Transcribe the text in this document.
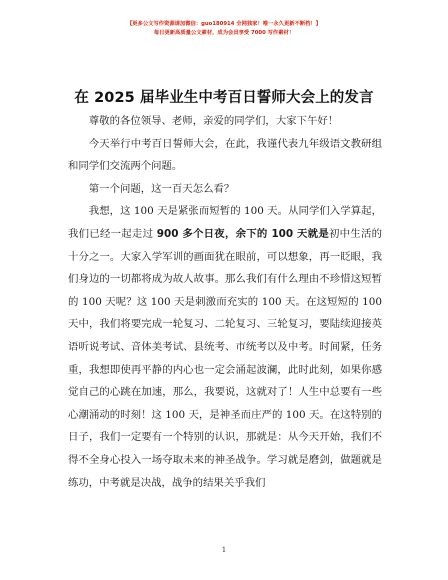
【更多公文写作资源请加微信：guo180914 全网独家！唯一永久更新不断档！】
每日更新高质量公文素材，成为会员享受 7000 写作素材！
在 2025 届毕业生中考百日誓师大会上的发言

尊敬的各位领导、老师，亲爱的同学们，大家下午好！

今天举行中考百日誓师大会，在此，我谨代表九年级语文教研组和同学们交流两个问题。

第一个问题，这一百天怎么看？

我想，这 100 天是紧张而短暂的 100 天。从同学们入学算起，我们已经一起走过 900 多个日夜，余下的 100 天就是初中生活的十分之一。大家入学军训的画面犹在眼前，可以想象，再一眨眼，我们身边的一切都将成为故人故事。那么我们有什么理由不珍惜这短暂的 100 天呢？这 100 天是刺激而充实的 100 天。在这短短的 100 天中，我们将要完成一轮复习、二轮复习、三轮复习，要陆续迎接英语听说考试、音体美考试、县统考、市统考以及中考。时间紧，任务重，我想即使再平静的内心也一定会涌起波澜，此时此刻，如果你感觉自己的心跳在加速，那么，我要说，这就对了！人生中总要有一些心潮涌动的时刻！这 100 天，是神圣而庄严的 100 天。在这特别的日子，我们一定要有一个特别的认识，那就是：从今天开始，我们不得不全身心投入一场夺取未来的神圣战争。学习就是磨剑，做题就是练功，中考就是决战，战争的结果关乎我们

1
